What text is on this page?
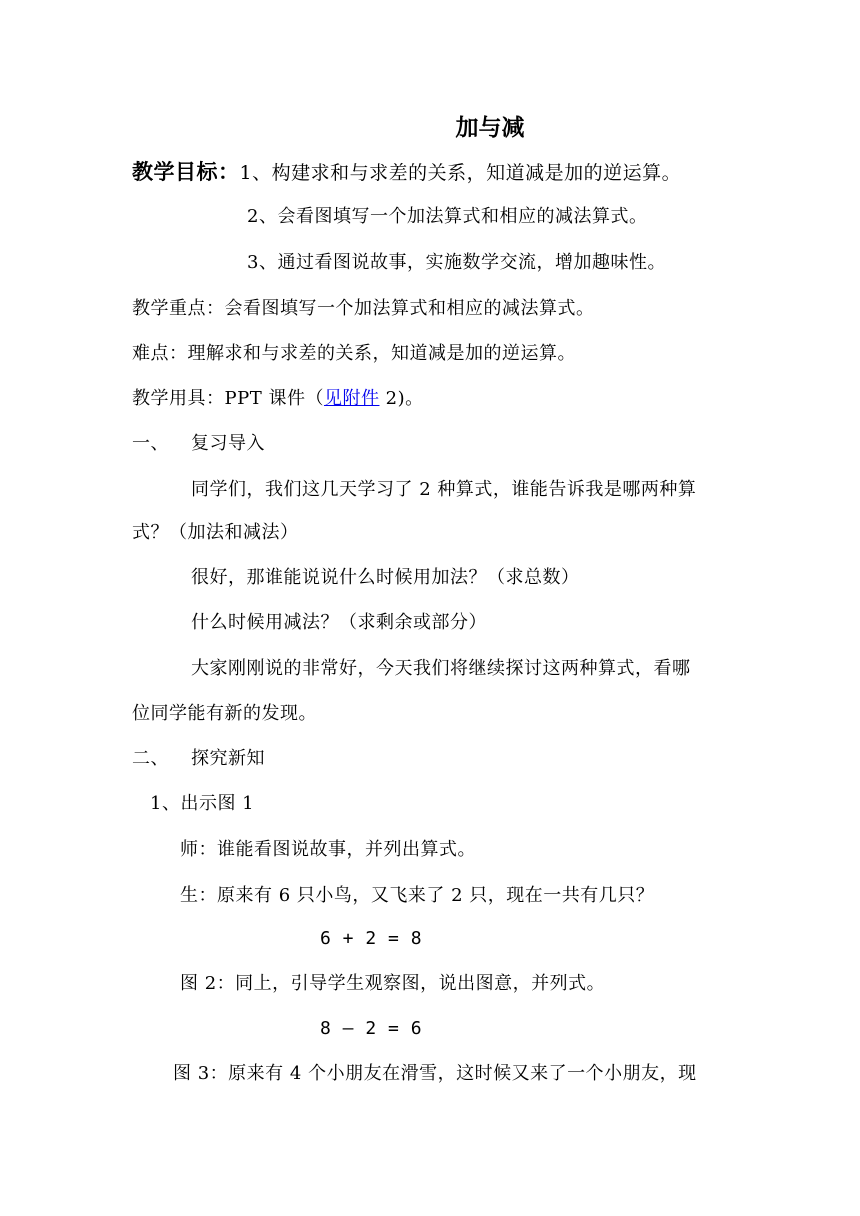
加与减
教学目标：1、构建求和与求差的关系，知道减是加的逆运算。
2、会看图填写一个加法算式和相应的减法算式。
3、通过看图说故事，实施数学交流，增加趣味性。
教学重点：会看图填写一个加法算式和相应的减法算式。
难点：理解求和与求差的关系，知道减是加的逆运算。
教学用具：PPT 课件（见附件 2)。
一、 复习导入
同学们，我们这几天学习了 2 种算式，谁能告诉我是哪两种算
式？（加法和减法）
很好，那谁能说说什么时候用加法？（求总数）
什么时候用减法？（求剩余或部分）
大家刚刚说的非常好，今天我们将继续探讨这两种算式，看哪
位同学能有新的发现。
二、 探究新知
1、出示图 1
师：谁能看图说故事，并列出算式。
生：原来有 6 只小鸟，又飞来了 2 只，现在一共有几只？
6 + 2 = 8
图 2：同上，引导学生观察图，说出图意，并列式。
8 – 2 = 6
图 3：原来有 4 个小朋友在滑雪，这时候又来了一个小朋友，现
